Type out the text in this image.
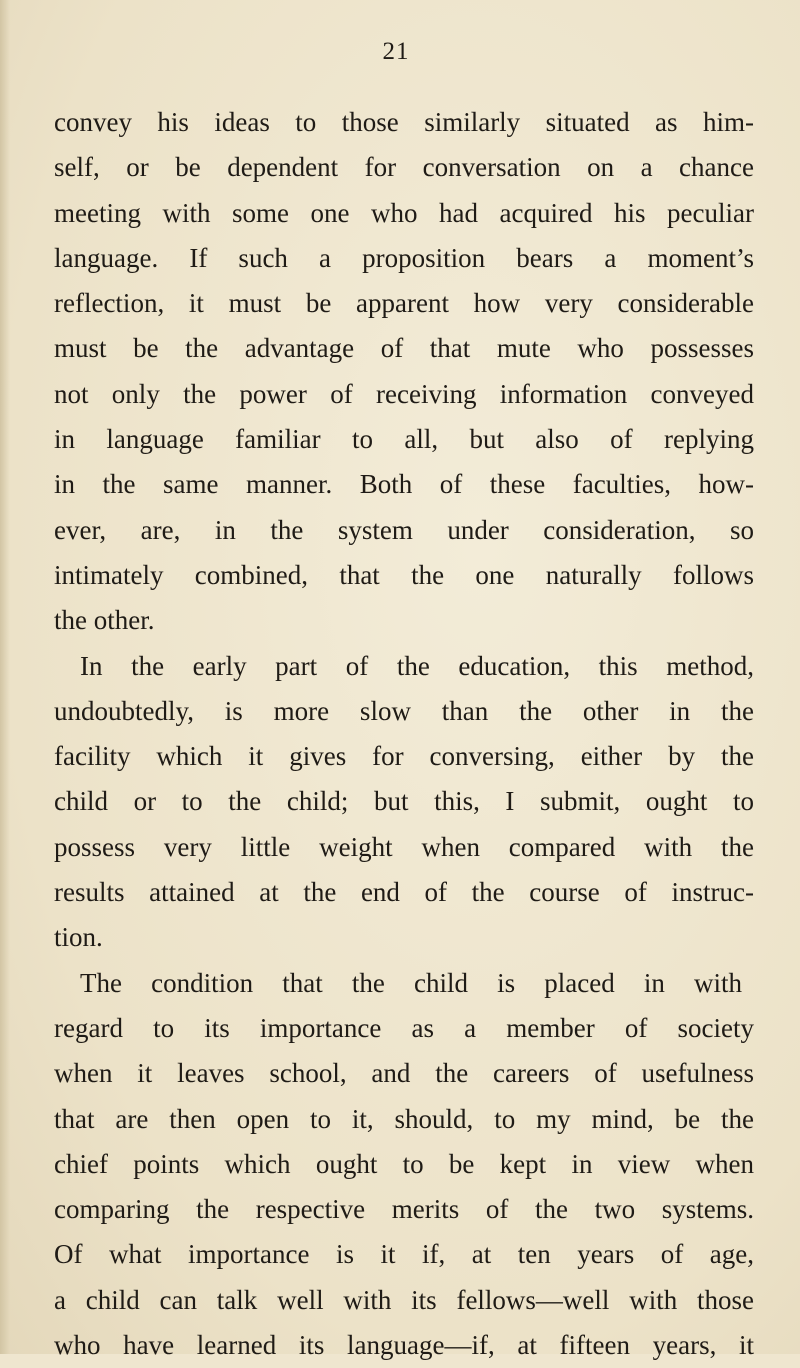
21
convey his ideas to those similarly situated as him-
self, or be dependent for conversation on a chance
meeting with some one who had acquired his peculiar
language. If such a proposition bears a moment’s
reflection, it must be apparent how very considerable
must be the advantage of that mute who possesses
not only the power of receiving information conveyed
in language familiar to all, but also of replying
in the same manner. Both of these faculties, how-
ever, are, in the system under consideration, so
intimately combined, that the one naturally follows
the other.
In the early part of the education, this method,
undoubtedly, is more slow than the other in the
facility which it gives for conversing, either by the
child or to the child; but this, I submit, ought to
possess very little weight when compared with the
results attained at the end of the course of instruc-
tion.
The condition that the child is placed in with
regard to its importance as a member of society
when it leaves school, and the careers of usefulness
that are then open to it, should, to my mind, be the
chief points which ought to be kept in view when
comparing the respective merits of the two systems.
Of what importance is it if, at ten years of age,
a child can talk well with its fellows—well with those
who have learned its language—if, at fifteen years, it
